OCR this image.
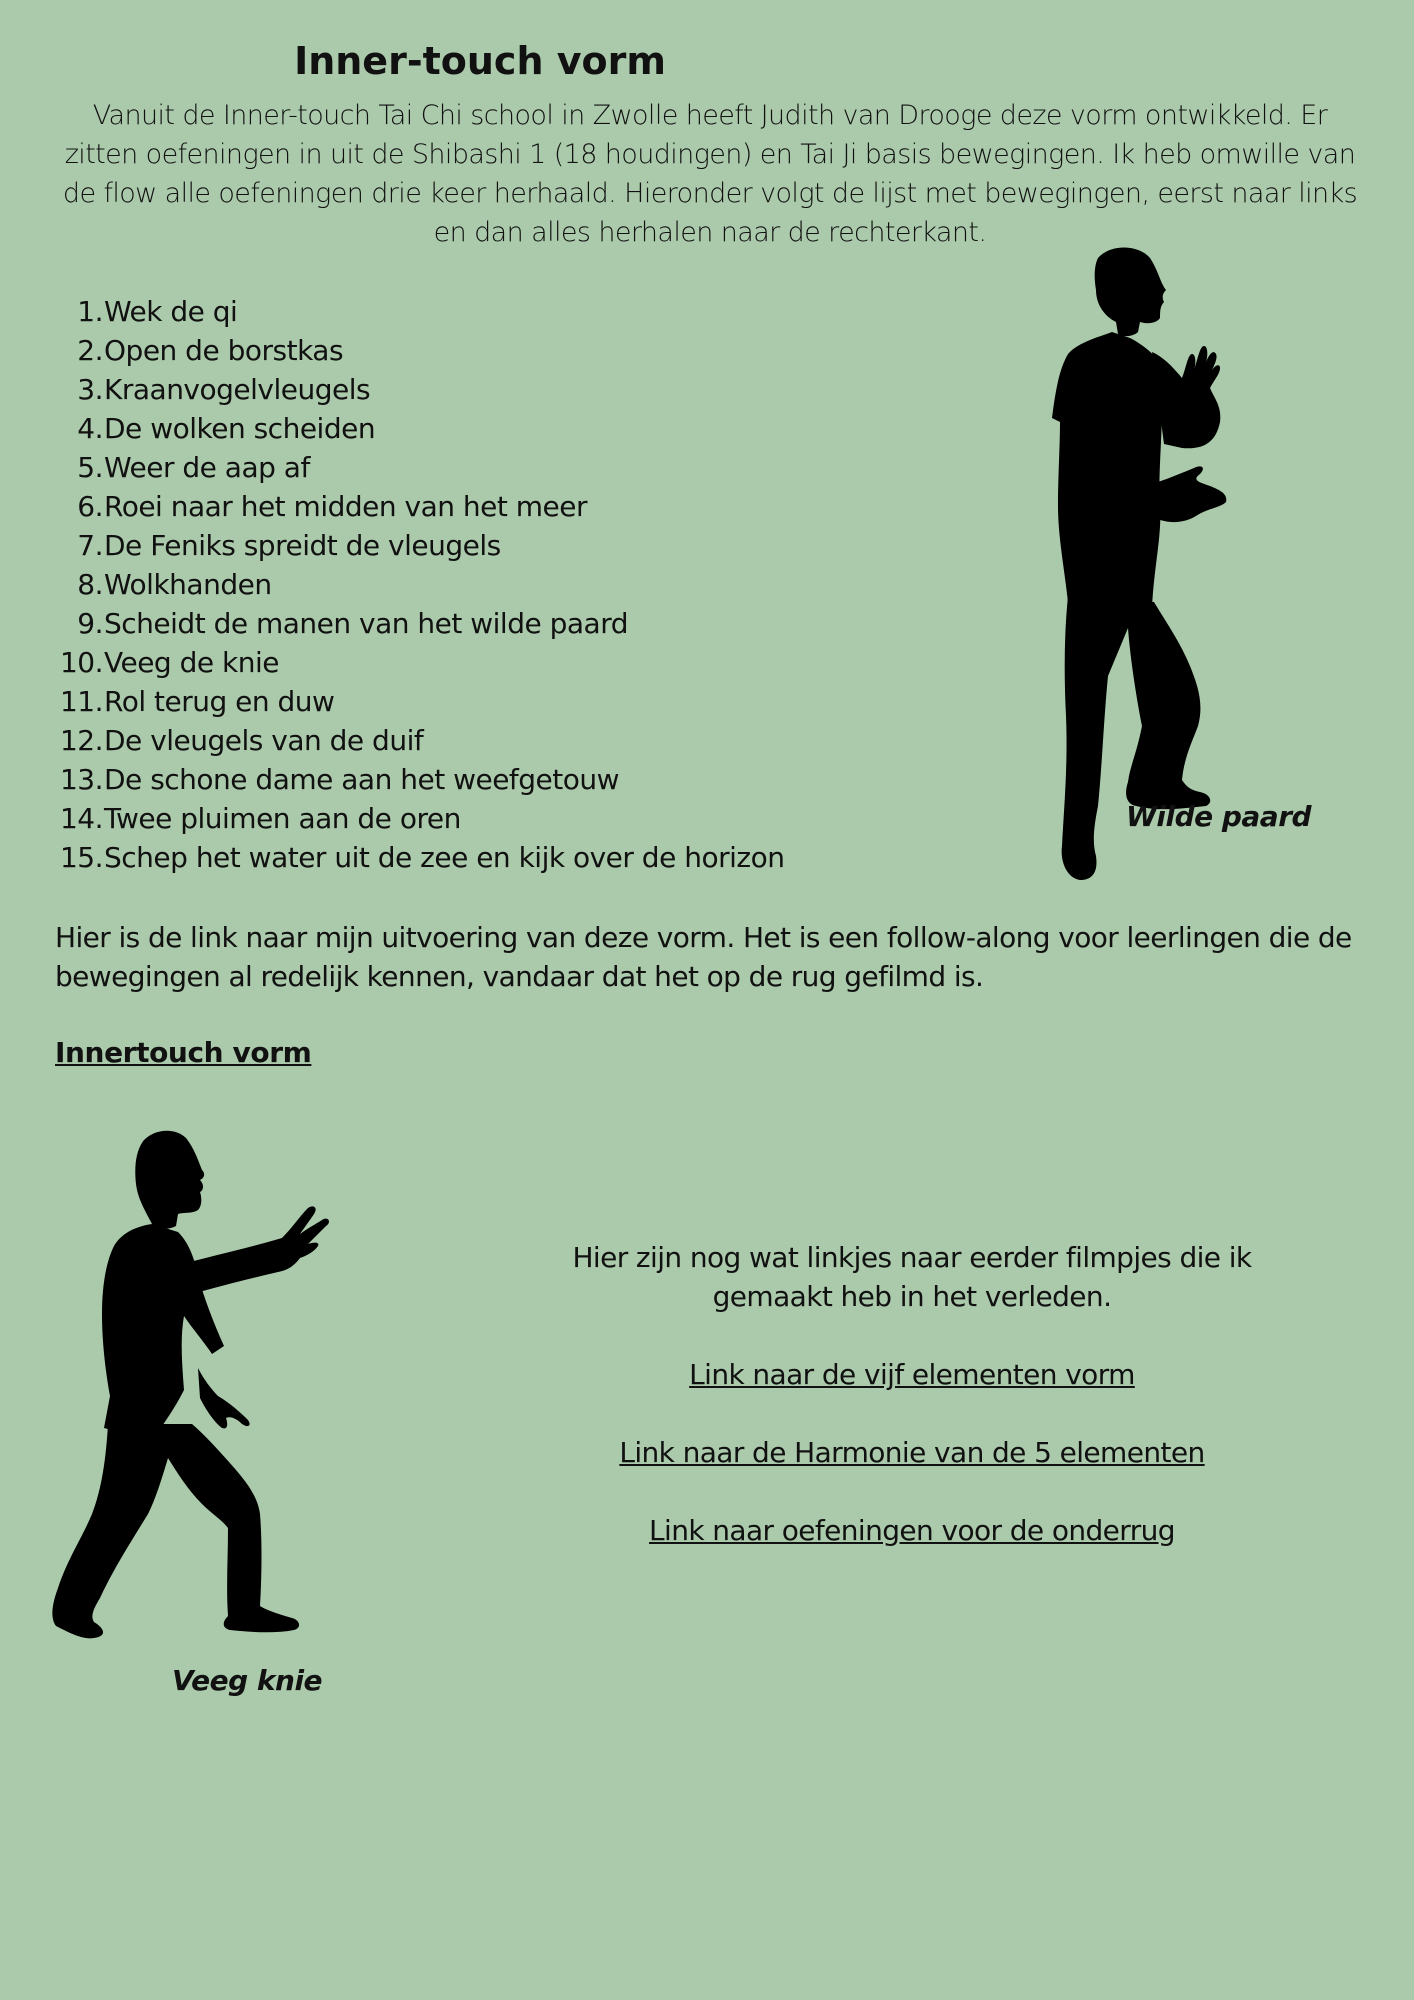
Inner-touch vorm

Vanuit de Inner-touch Tai Chi school in Zwolle heeft Judith van Drooge deze vorm ontwikkeld. Er zitten oefeningen in uit de Shibashi 1 (18 houdingen) en Tai Ji basis bewegingen. Ik heb omwille van de flow alle oefeningen drie keer herhaald. Hieronder volgt de lijst met bewegingen, eerst naar links en dan alles herhalen naar de rechterkant.

1. Wek de qi
2. Open de borstkas
3. Kraanvogelvleugels
4. De wolken scheiden
5. Weer de aap af
6. Roei naar het midden van het meer
7. De Feniks spreidt de vleugels
8. Wolkhanden
9. Scheidt de manen van het wilde paard
10. Veeg de knie
11. Rol terug en duw
12. De vleugels van de duif
13. De schone dame aan het weefgetouw
14. Twee pluimen aan de oren
15. Schep het water uit de zee en kijk over de horizon

Wilde paard

Hier is de link naar mijn uitvoering van deze vorm. Het is een follow-along voor leerlingen die de bewegingen al redelijk kennen, vandaar dat het op de rug gefilmd is.

Innertouch vorm

Veeg knie

Hier zijn nog wat linkjes naar eerder filmpjes die ik gemaakt heb in het verleden.

Link naar de vijf elementen vorm
Link naar de Harmonie van de 5 elementen
Link naar oefeningen voor de onderrug
